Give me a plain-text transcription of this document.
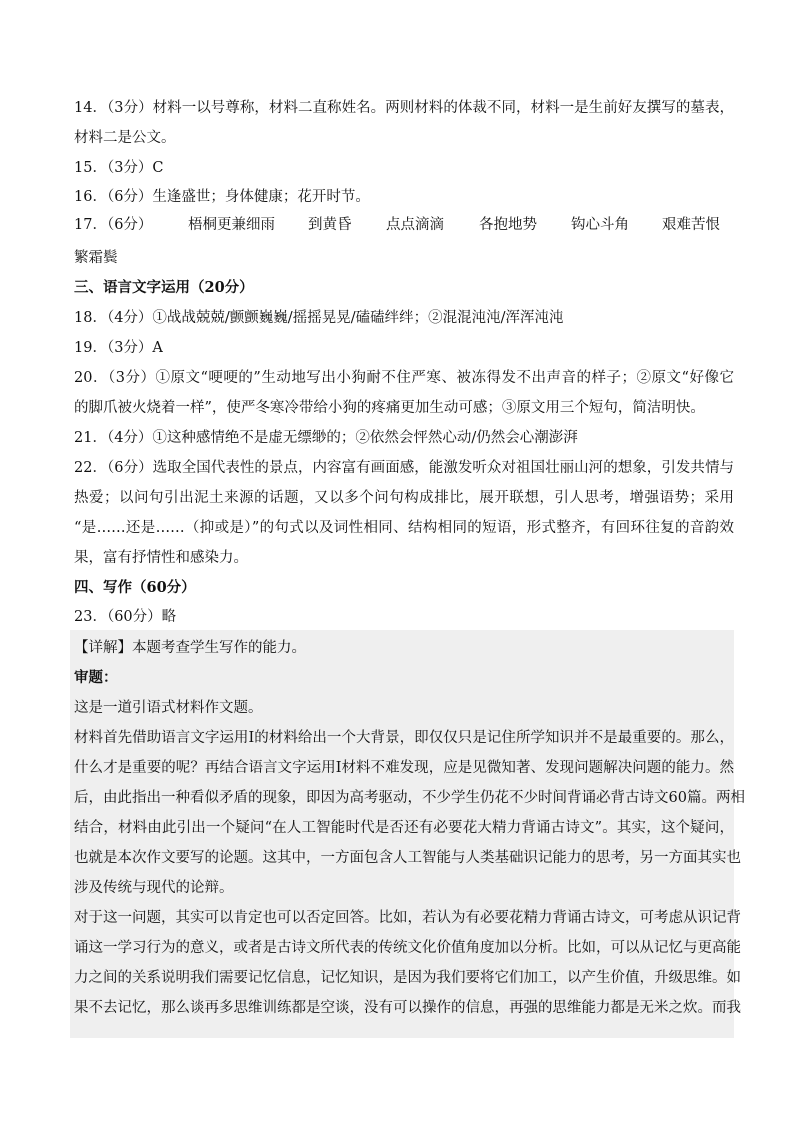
14．（3分）材料一以号尊称，材料二直称姓名。两则材料的体裁不同，材料一是生前好友撰写的墓表，
材料二是公文。
15．（3分）C
16．（6分）生逢盛世；身体健康；花开时节。
17．（6分） 梧桐更兼细雨 到黄昏 点点滴滴 各抱地势 钩心斗角 艰难苦恨
繁霜鬓
三、语言文字运用（20分）
18．（4分）①战战兢兢/颤颤巍巍/摇摇晃晃/磕磕绊绊；②混混沌沌/浑浑沌沌
19．（3分）A
20．（3分）①原文“哽哽的”生动地写出小狗耐不住严寒、被冻得发不出声音的样子；②原文“好像它
的脚爪被火烧着一样”，使严冬寒冷带给小狗的疼痛更加生动可感；③原文用三个短句，简洁明快。
21．（4分）①这种感情绝不是虚无缥缈的；②依然会怦然心动/仍然会心潮澎湃
22．（6分）选取全国代表性的景点，内容富有画面感，能激发听众对祖国壮丽山河的想象，引发共情与
热爱；以问句引出泥土来源的话题，又以多个问句构成排比，展开联想，引人思考，增强语势；采用
“是……还是……（抑或是）”的句式以及词性相同、结构相同的短语，形式整齐，有回环往复的音韵效
果，富有抒情性和感染力。
四、写作（60分）
23．（60分）略
【详解】本题考查学生写作的能力。
审题：
这是一道引语式材料作文题。
材料首先借助语言文字运用Ⅰ的材料给出一个大背景，即仅仅只是记住所学知识并不是最重要的。那么，
什么才是重要的呢？再结合语言文字运用Ⅰ材料不难发现，应是见微知著、发现问题解决问题的能力。然
后，由此指出一种看似矛盾的现象，即因为高考驱动，不少学生仍花不少时间背诵必背古诗文60篇。两相
结合，材料由此引出一个疑问“在人工智能时代是否还有必要花大精力背诵古诗文”。其实，这个疑问，
也就是本次作文要写的论题。这其中，一方面包含人工智能与人类基础识记能力的思考，另一方面其实也
涉及传统与现代的论辩。
对于这一问题，其实可以肯定也可以否定回答。比如，若认为有必要花精力背诵古诗文，可考虑从识记背
诵这一学习行为的意义，或者是古诗文所代表的传统文化价值角度加以分析。比如，可以从记忆与更高能
力之间的关系说明我们需要记忆信息，记忆知识，是因为我们要将它们加工，以产生价值，升级思维。如
果不去记忆，那么谈再多思维训练都是空谈，没有可以操作的信息，再强的思维能力都是无米之炊。而我
